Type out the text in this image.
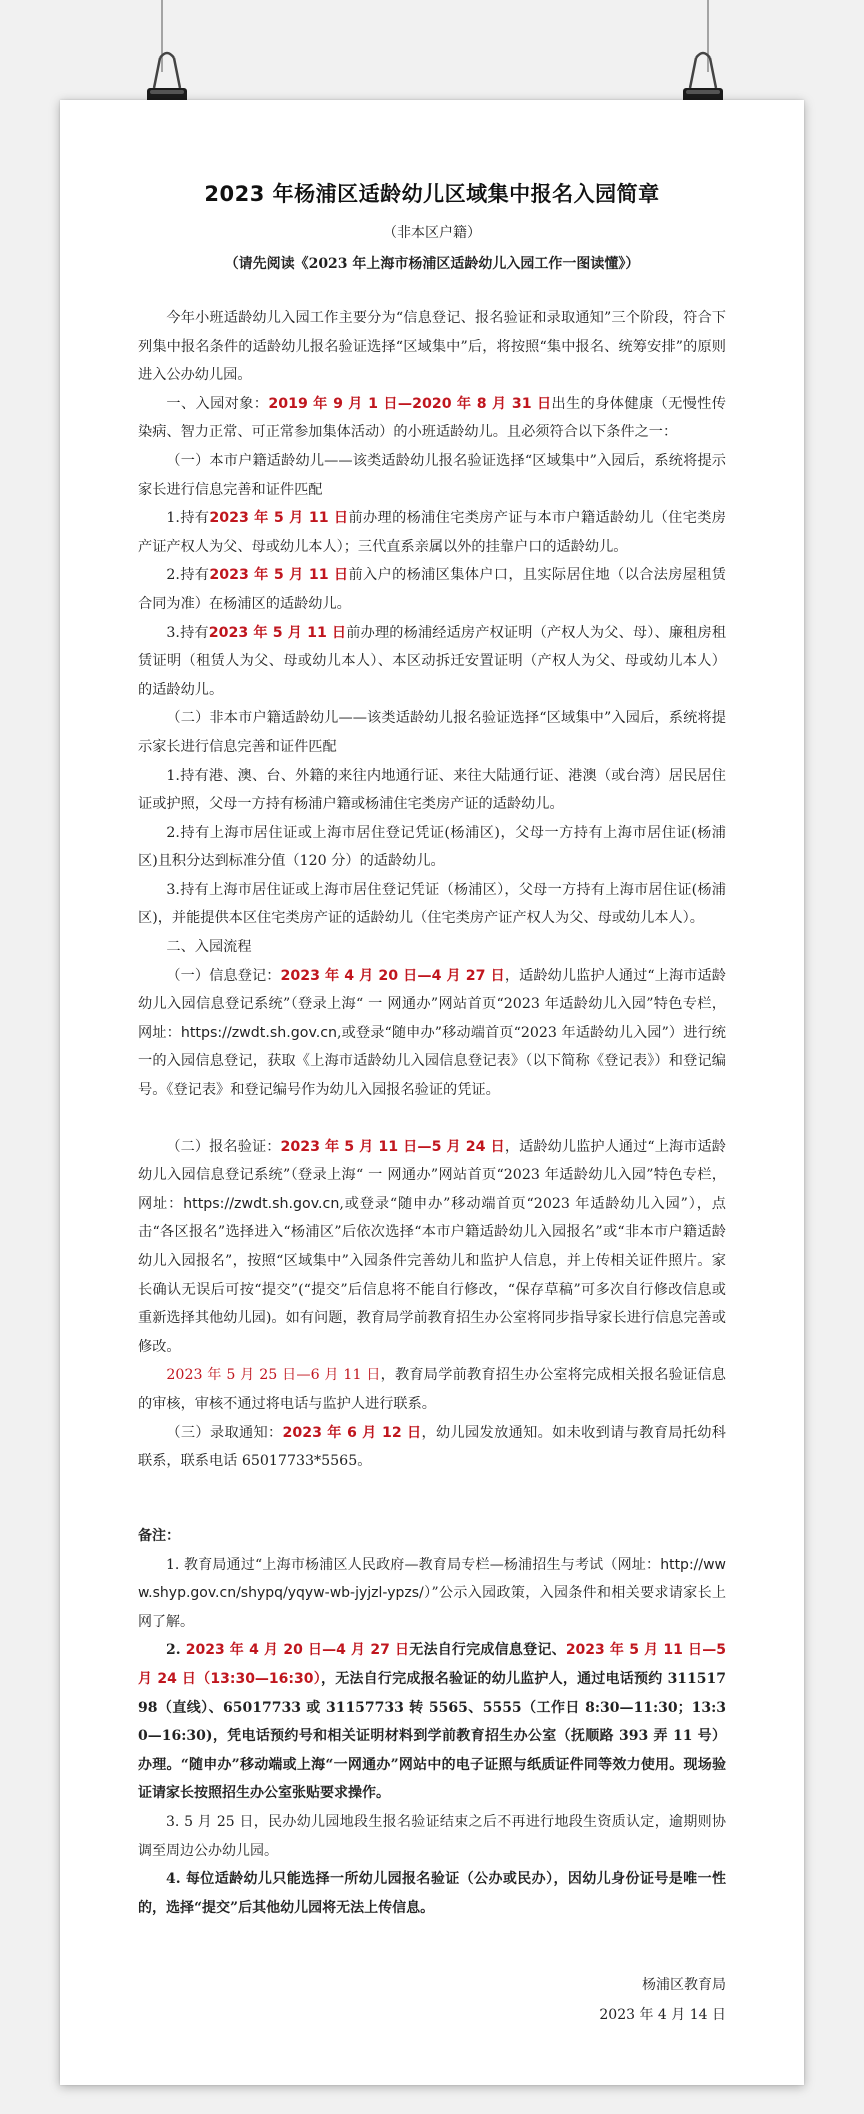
2023 年杨浦区适龄幼儿区域集中报名入园简章
（非本区户籍）
（请先阅读《2023 年上海市杨浦区适龄幼儿入园工作一图读懂》）

今年小班适龄幼儿入园工作主要分为“信息登记、报名验证和录取通知”三个阶段，符合下列集中报名条件的适龄幼儿报名验证选择“区域集中”后，将按照“集中报名、统筹安排”的原则进入公办幼儿园。

一、入园对象：2019 年 9 月 1 日—2020 年 8 月 31 日出生的身体健康（无慢性传染病、智力正常、可正常参加集体活动）的小班适龄幼儿。且必须符合以下条件之一：

（一）本市户籍适龄幼儿——该类适龄幼儿报名验证选择“区域集中”入园后，系统将提示家长进行信息完善和证件匹配

1.持有2023 年 5 月 11 日前办理的杨浦住宅类房产证与本市户籍适龄幼儿（住宅类房产证产权人为父、母或幼儿本人）；三代直系亲属以外的挂靠户口的适龄幼儿。

2.持有2023 年 5 月 11 日前入户的杨浦区集体户口，且实际居住地（以合法房屋租赁合同为准）在杨浦区的适龄幼儿。

3.持有2023 年 5 月 11 日前办理的杨浦经适房产权证明（产权人为父、母）、廉租房租赁证明（租赁人为父、母或幼儿本人）、本区动拆迁安置证明（产权人为父、母或幼儿本人）的适龄幼儿。

（二）非本市户籍适龄幼儿——该类适龄幼儿报名验证选择“区域集中”入园后，系统将提示家长进行信息完善和证件匹配

1.持有港、澳、台、外籍的来往内地通行证、来往大陆通行证、港澳（或台湾）居民居住证或护照，父母一方持有杨浦户籍或杨浦住宅类房产证的适龄幼儿。

2.持有上海市居住证或上海市居住登记凭证(杨浦区)，父母一方持有上海市居住证(杨浦区)且积分达到标准分值（120 分）的适龄幼儿。

3.持有上海市居住证或上海市居住登记凭证（杨浦区），父母一方持有上海市居住证(杨浦区)，并能提供本区住宅类房产证的适龄幼儿（住宅类房产证产权人为父、母或幼儿本人）。

二、入园流程

（一）信息登记：2023 年 4 月 20 日—4 月 27 日，适龄幼儿监护人通过“上海市适龄幼儿入园信息登记系统”（登录上海“ 一 网通办”网站首页“2023 年适龄幼儿入园”特色专栏，网址：https://zwdt.sh.gov.cn,或登录“随申办”移动端首页“2023 年适龄幼儿入园”）进行统一的入园信息登记，获取《上海市适龄幼儿入园信息登记表》（以下简称《登记表》）和登记编号。《登记表》和登记编号作为幼儿入园报名验证的凭证。

（二）报名验证：2023 年 5 月 11 日—5 月 24 日，适龄幼儿监护人通过“上海市适龄幼儿入园信息登记系统”（登录上海“ 一 网通办”网站首页“2023 年适龄幼儿入园”特色专栏，网址：https://zwdt.sh.gov.cn,或登录“随申办”移动端首页“2023 年适龄幼儿入园”），点击“各区报名”选择进入“杨浦区”后依次选择“本市户籍适龄幼儿入园报名”或“非本市户籍适龄幼儿入园报名”，按照“区域集中”入园条件完善幼儿和监护人信息，并上传相关证件照片。家长确认无误后可按“提交”(“提交”后信息将不能自行修改，“保存草稿”可多次自行修改信息或重新选择其他幼儿园)。如有问题，教育局学前教育招生办公室将同步指导家长进行信息完善或修改。

2023 年 5 月 25 日—6 月 11 日，教育局学前教育招生办公室将完成相关报名验证信息的审核，审核不通过将电话与监护人进行联系。

（三）录取通知：2023 年 6 月 12 日，幼儿园发放通知。如未收到请与教育局托幼科联系，联系电话 65017733*5565。

备注：

1. 教育局通过“上海市杨浦区人民政府—教育局专栏—杨浦招生与考试（网址：http://www.shyp.gov.cn/shypq/yqyw-wb-jyjzl-ypzs/）”公示入园政策，入园条件和相关要求请家长上网了解。

2. 2023 年 4 月 20 日—4 月 27 日无法自行完成信息登记、2023 年 5 月 11 日—5 月 24 日（13:30—16:30），无法自行完成报名验证的幼儿监护人，通过电话预约 31151798（直线）、65017733 或 31157733 转 5565、5555（工作日 8:30—11:30；13:30—16:30)，凭电话预约号和相关证明材料到学前教育招生办公室（抚顺路 393 弄 11 号）办理。“随申办”移动端或上海“一网通办”网站中的电子证照与纸质证件同等效力使用。现场验证请家长按照招生办公室张贴要求操作。

3. 5 月 25 日，民办幼儿园地段生报名验证结束之后不再进行地段生资质认定，逾期则协调至周边公办幼儿园。

4. 每位适龄幼儿只能选择一所幼儿园报名验证（公办或民办），因幼儿身份证号是唯一性的，选择“提交”后其他幼儿园将无法上传信息。

杨浦区教育局
2023 年 4 月 14 日
